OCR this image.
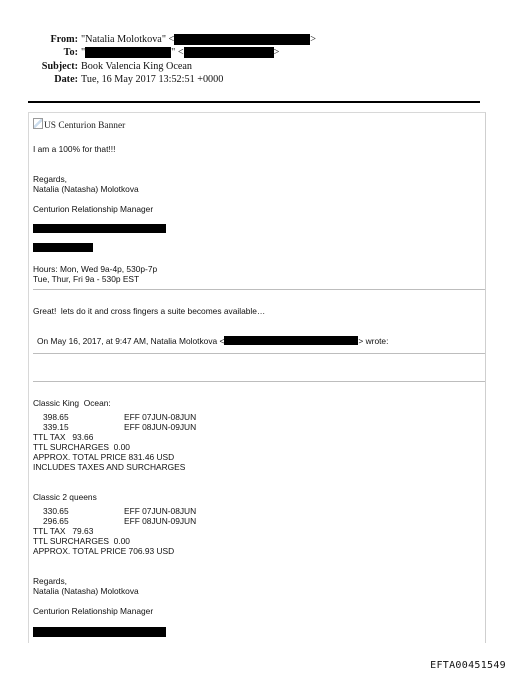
From: "Natalia Molotkova" <	>
To: "	" <	>
Subject: Book Valencia King Ocean
Date: Tue, 16 May 2017 13:52:51 +0000
US Centurion Banner
I am a 100% for that!!!
Regards,
Natalia (Natasha) Molotkova
Centurion Relationship Manager
Hours: Mon, Wed 9a-4p, 530p-7p
Tue, Thur, Fri 9a - 530p EST
Great!  lets do it and cross fingers a suite becomes available…
On May 16, 2017, at 9:47 AM, Natalia Molotkova <	> wrote:
Classic King  Ocean:
398.65	EFF 07JUN-08JUN
339.15	EFF 08JUN-09JUN
TTL TAX   93.66
TTL SURCHARGES  0.00
APPROX. TOTAL PRICE 831.46 USD
INCLUDES TAXES AND SURCHARGES
Classic 2 queens
330.65	EFF 07JUN-08JUN
296.65	EFF 08JUN-09JUN
TTL TAX   79.63
TTL SURCHARGES  0.00
APPROX. TOTAL PRICE 706.93 USD
Regards,
Natalia (Natasha) Molotkova
Centurion Relationship Manager
EFTA00451549
